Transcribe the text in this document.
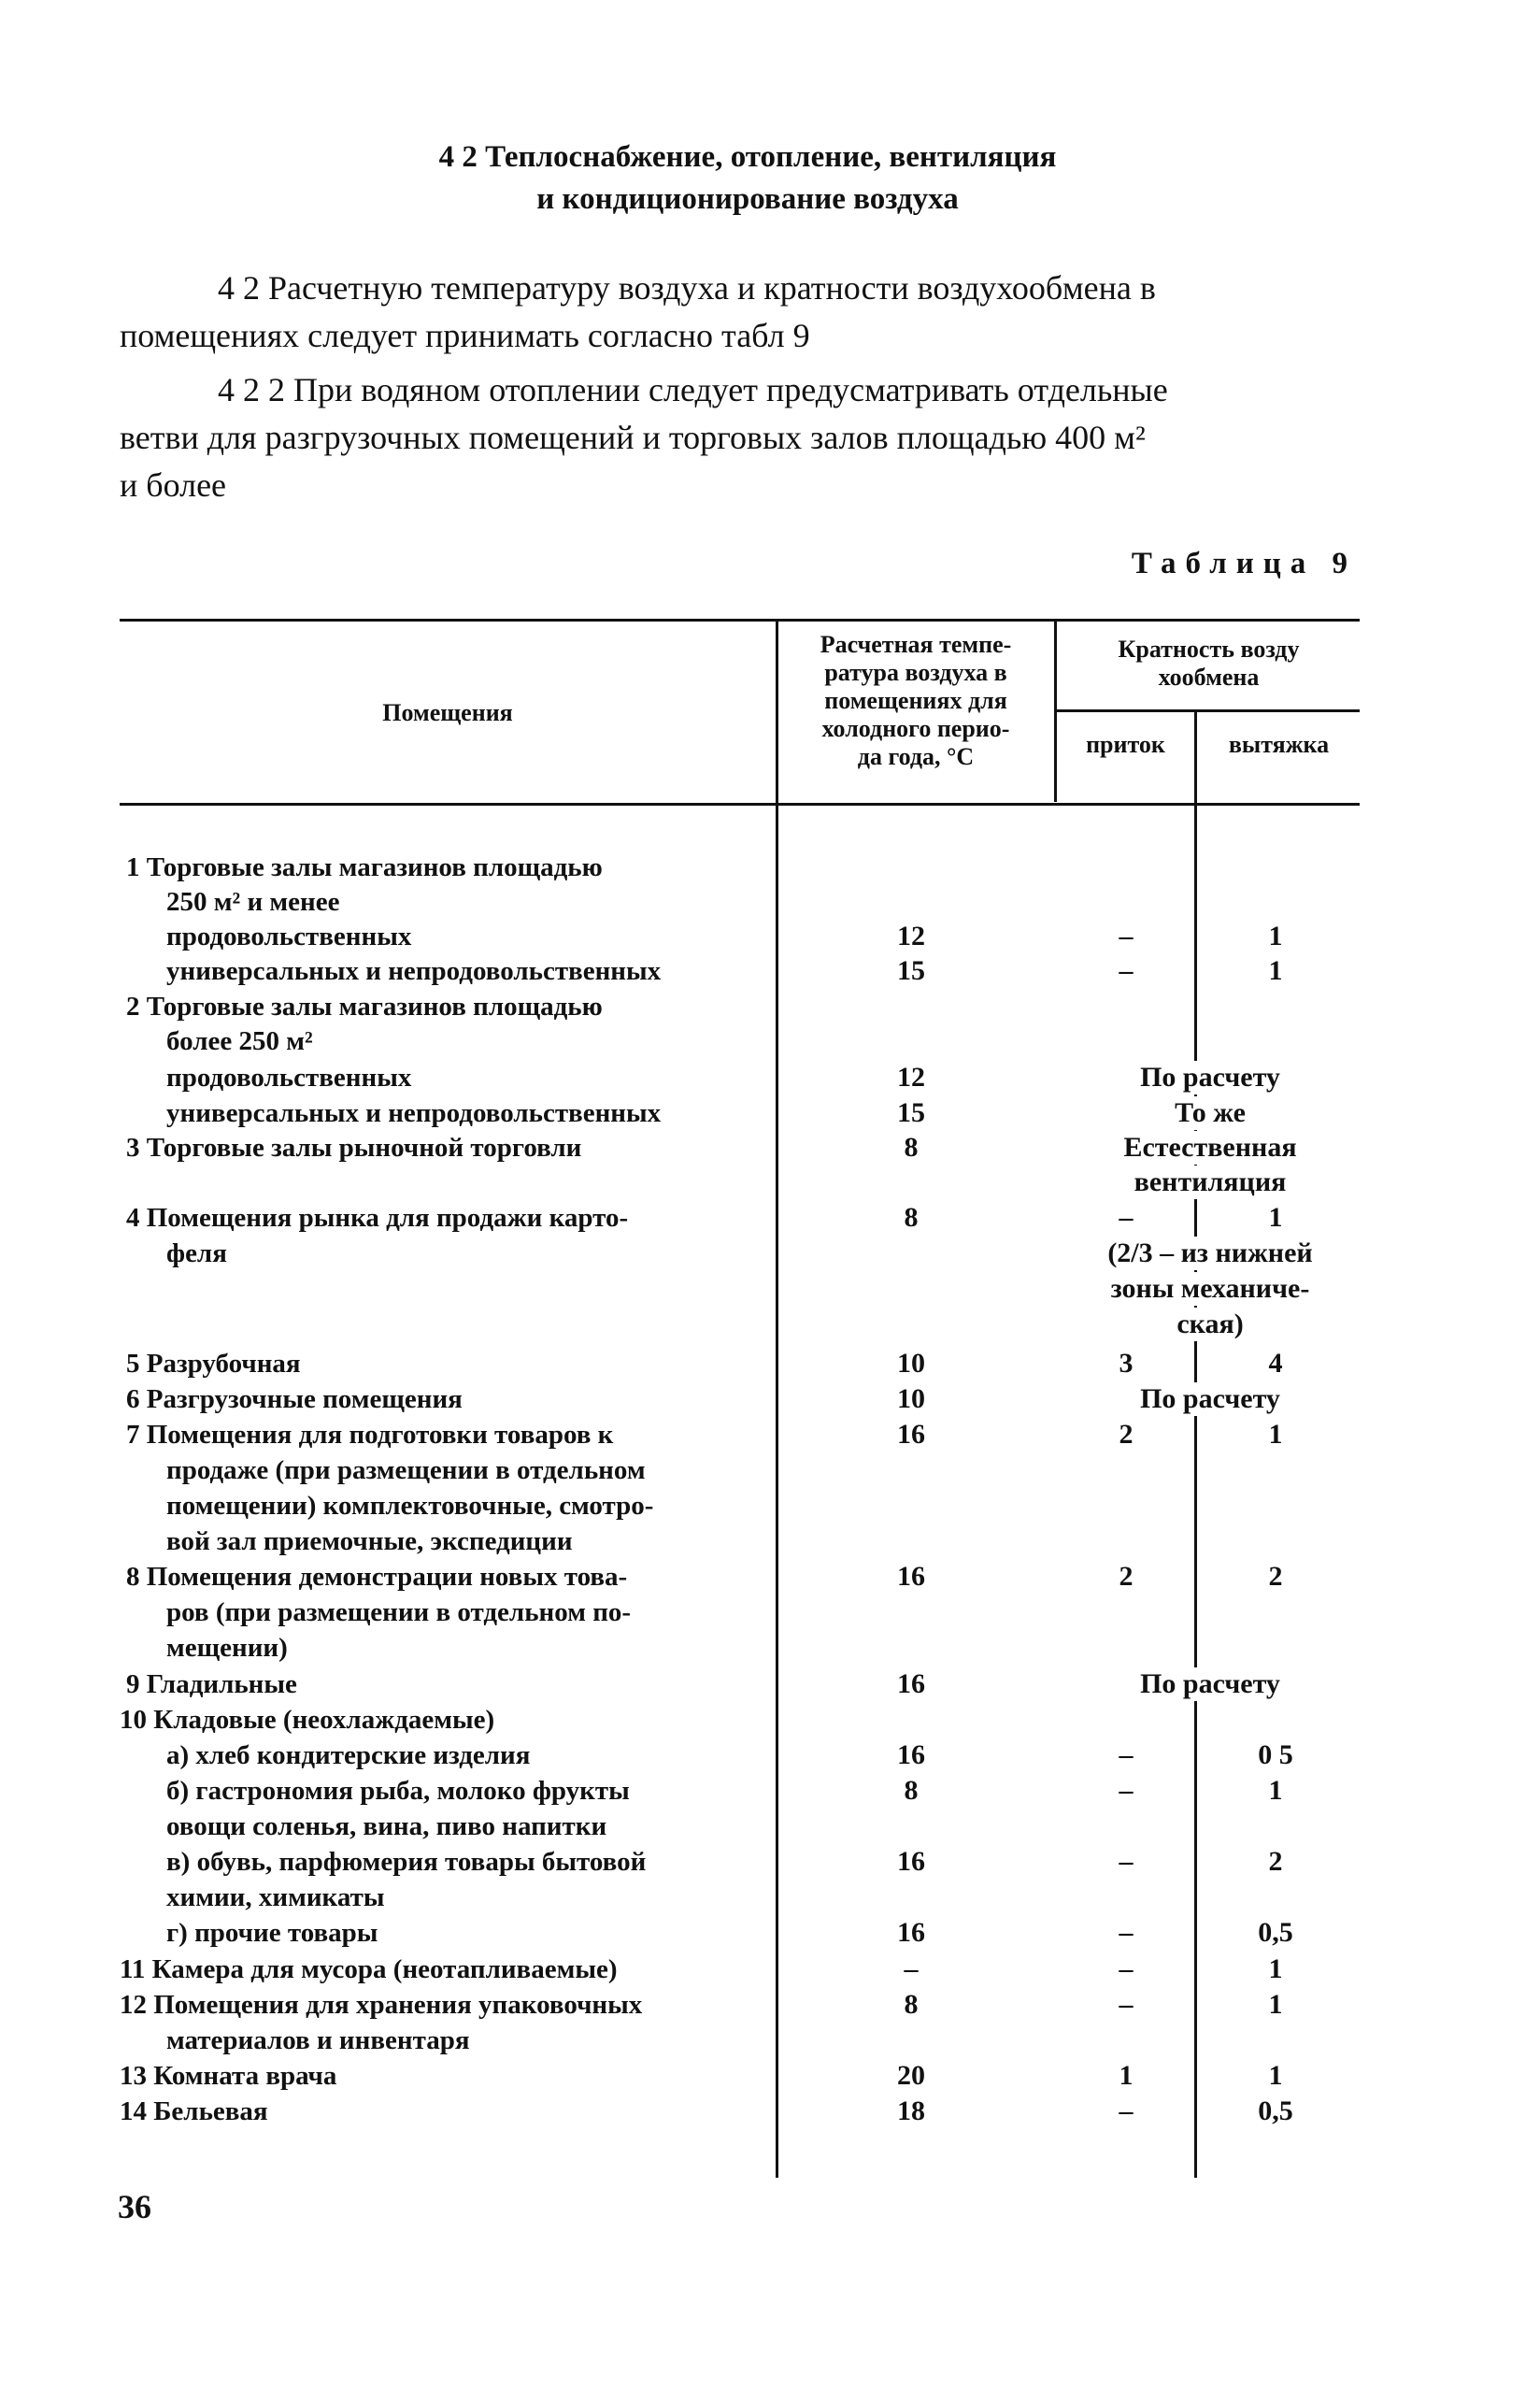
4 2 Теплоснабжение, отопление, вентиляция
и кондиционирование воздуха

4 2 Расчетную температуру воздуха и кратности воздухообмена в
помещениях следует принимать согласно табл 9

4 2 2 При водяном отоплении следует предусматривать отдельные
ветви для разгрузочных помещений и торговых залов площадью 400 м²
и более

Таблица 9
Помещения
Расчетная темпе-
ратура воздуха в
помещениях для
холодного перио-
да года, °С
Кратность возду
хообмена
приток	вытяжка
1 Торговые залы магазинов площадью
250 м² и менее
продовольственных
универсальных и непродовольственных
2 Торговые залы магазинов площадью
более 250 м²
продовольственных
универсальных и непродовольственных
3 Торговые залы рыночной торговли
4 Помещения рынка для продажи карто-
феля
5 Разрубочная
6 Разгрузочные помещения
7 Помещения для подготовки товаров к
продаже (при размещении в отдельном
помещении) комплектовочные, смотро-
вой зал приемочные, экспедиции
8 Помещения демонстрации новых това-
ров (при размещении в отдельном по-
мещении)
9 Гладильные
10 Кладовые (неохлаждаемые)
а) хлеб кондитерские изделия
б) гастрономия рыба, молоко фрукты
овощи соленья, вина, пиво напитки
в) обувь, парфюмерия товары бытовой
химии, химикаты
г) прочие товары
11 Камера для мусора (неотапливаемые)
12 Помещения для хранения упаковочных
материалов и инвентаря
13 Комната врача
14 Бельевая
12
15
12
15
8
8
10
10
16
16
16
16
8
16
16
–
8
20
18
–
–
–
3
2
2
–
–
–
–
–
–
1
–
1
1
1
4
1
2
0 5
1
2
0,5
1
1
1
0,5
По расчету
То же
Естественная
вентиляция
(2/3 – из нижней
зоны механиче-
ская)
По расчету
По расчету
36
